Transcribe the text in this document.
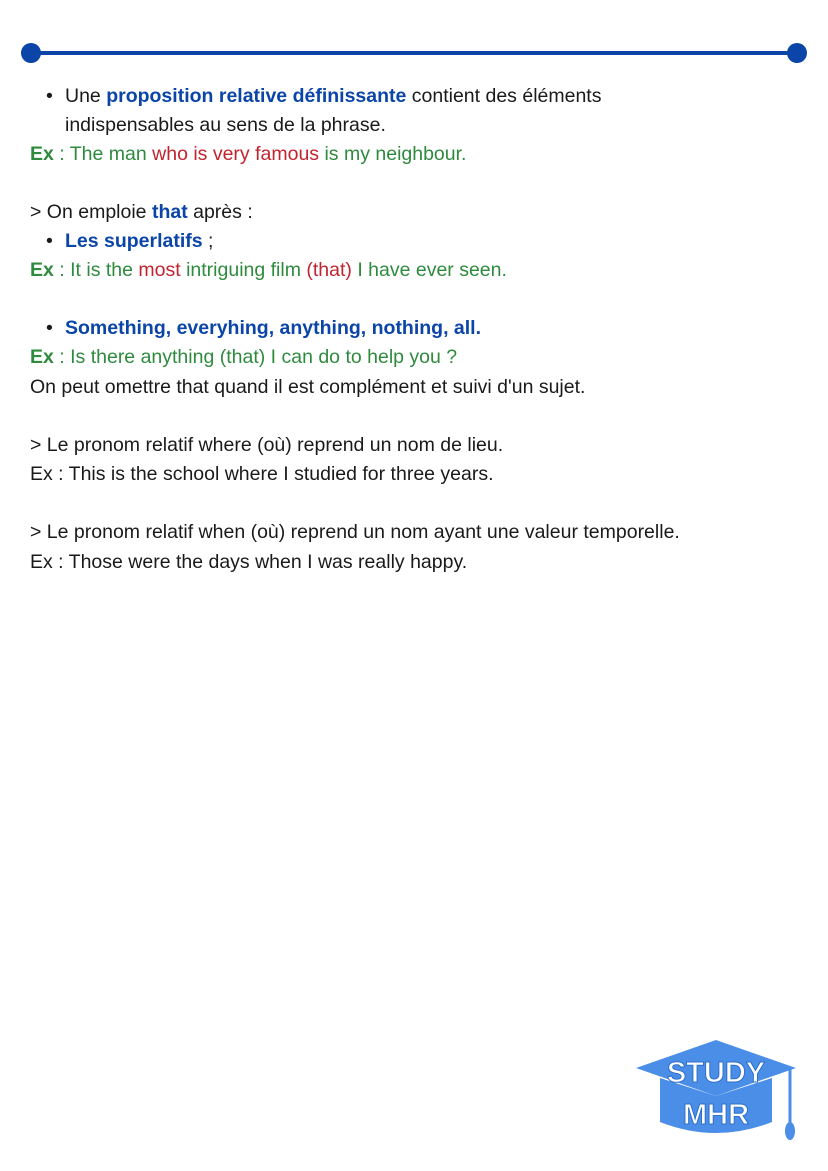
• Une proposition relative définissante contient des éléments
indispensables au sens de la phrase.
Ex : The man who is very famous is my neighbour.
> On emploie that après :
• Les superlatifs ;
Ex : It is the most intriguing film (that) I have ever seen.
• Something, everyhing, anything, nothing, all.
Ex : Is there anything (that) I can do to help you ?
On peut omettre that quand il est complément et suivi d'un sujet.
> Le pronom relatif where (où) reprend un nom de lieu.
Ex : This is the school where I studied for three years.
> Le pronom relatif when (où) reprend un nom ayant une valeur temporelle.
Ex : Those were the days when I was really happy.
STUDY
MHR
